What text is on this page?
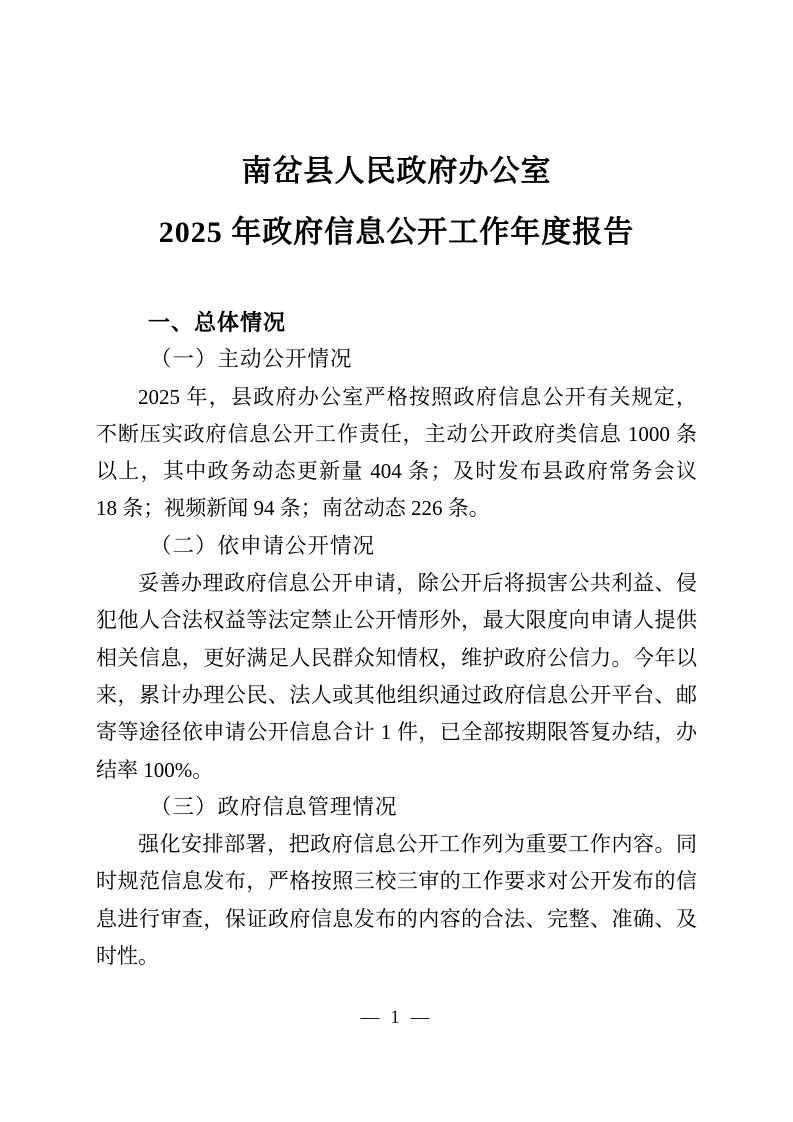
南岔县人民政府办公室
2025 年政府信息公开工作年度报告
一、总体情况
（一）主动公开情况
2025 年，县政府办公室严格按照政府信息公开有关规定，
不断压实政府信息公开工作责任，主动公开政府类信息 1000 条
以上，其中政务动态更新量 404 条；及时发布县政府常务会议
18 条；视频新闻 94 条；南岔动态 226 条。
（二）依申请公开情况
妥善办理政府信息公开申请，除公开后将损害公共利益、侵
犯他人合法权益等法定禁止公开情形外，最大限度向申请人提供
相关信息，更好满足人民群众知情权，维护政府公信力。今年以
来，累计办理公民、法人或其他组织通过政府信息公开平台、邮
寄等途径依申请公开信息合计 1 件，已全部按期限答复办结，办
结率 100%。
（三）政府信息管理情况
强化安排部署，把政府信息公开工作列为重要工作内容。同
时规范信息发布，严格按照三校三审的工作要求对公开发布的信
息进行审查，保证政府信息发布的内容的合法、完整、准确、及
时性。
— 1 —
